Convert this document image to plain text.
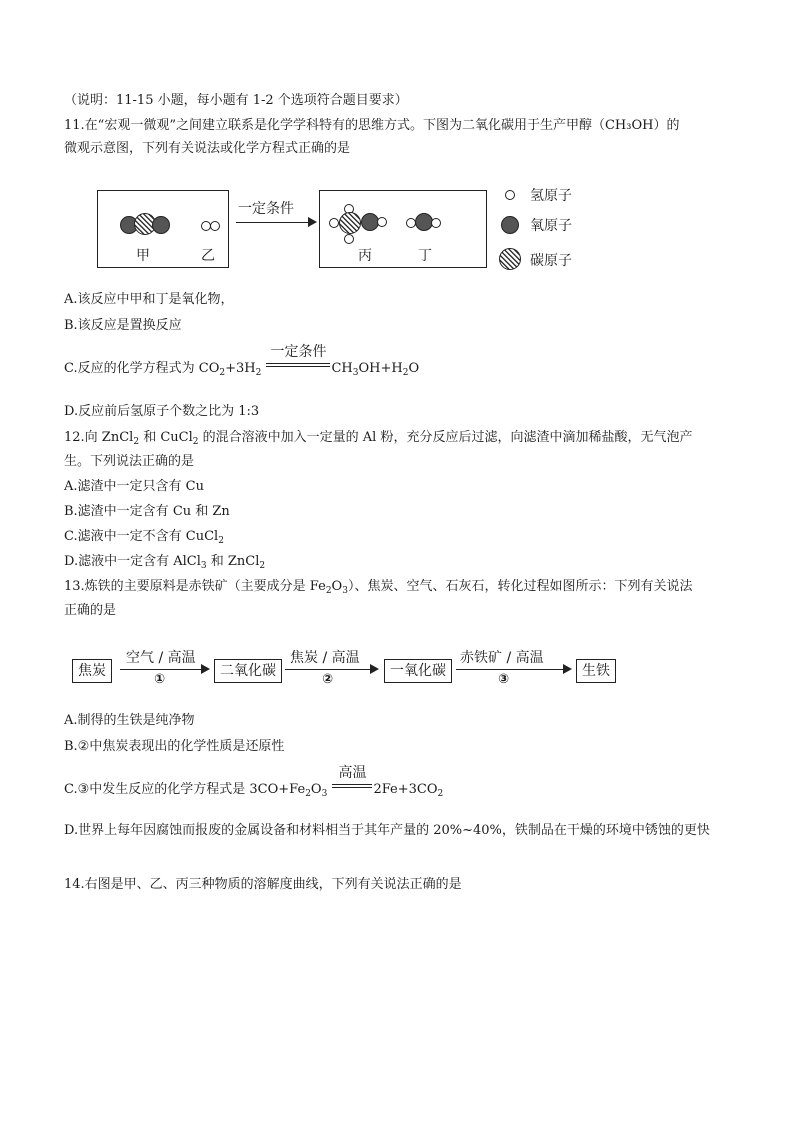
（说明：11-15 小题，每小题有 1-2 个选项符合题目要求）
11.在“宏观一微观”之间建立联系是化学学科特有的思维方式。下图为二氧化碳用于生产甲醇（CH₃OH）的
微观示意图，下列有关说法或化学方程式正确的是
甲	乙
一定条件
丙	丁
氢原子
氧原子
碳原子
A.该反应中甲和丁是氧化物，
B.该反应是置换反应
C.反应的化学方程式为 $CO_2+3H_2$
一定条件
$CH_3OH+H_2O$
D.反应前后氢原子个数之比为 1:3
12.向 ZnCl$_2$ 和 CuCl$_2$ 的混合溶液中加入一定量的 Al 粉，充分反应后过滤，向滤渣中滴加稀盐酸，无气泡产
生。下列说法正确的是
A.滤渣中一定只含有 Cu
B.滤渣中一定含有 Cu 和 Zn
C.滤液中一定不含有 CuCl$_2$
D.滤液中一定含有 AlCl$_3$ 和 ZnCl$_2$
13.炼铁的主要原料是赤铁矿（主要成分是 $Fe_2O_3$）、焦炭、空气、石灰石，转化过程如图所示：下列有关说法
正确的是
焦炭
空气 / 高温
①
二氧化碳
焦炭 / 高温
②
一氧化碳
赤铁矿 / 高温
③
生铁
A.制得的生铁是纯净物
B.②中焦炭表现出的化学性质是还原性
C.③中发生反应的化学方程式是 $3CO+Fe_2O_3$
高温
$2Fe+3CO_2$
D.世界上每年因腐蚀而报废的金属设备和材料相当于其年产量的 20%~40%，铁制品在干燥的环境中锈蚀的更快
14.右图是甲、乙、丙三种物质的溶解度曲线，下列有关说法正确的是
